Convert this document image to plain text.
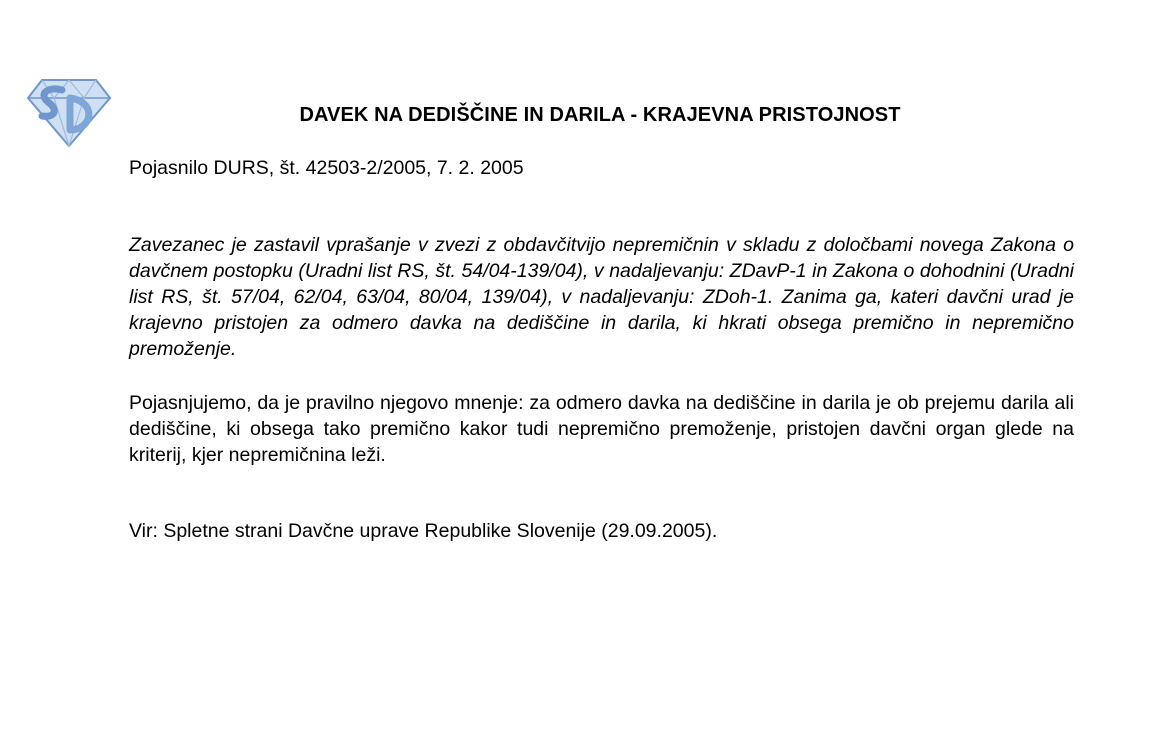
DAVEK NA DEDIŠČINE IN DARILA - KRAJEVNA PRISTOJNOST
Pojasnilo DURS, št. 42503-2/2005, 7. 2. 2005
Zavezanec je zastavil vprašanje v zvezi z obdavčitvijo nepremičnin v skladu z določbami novega Zakona o davčnem postopku (Uradni list RS, št. 54/04-139/04), v nadaljevanju: ZDavP-1 in Zakona o dohodnini (Uradni list RS, št. 57/04, 62/04, 63/04, 80/04, 139/04), v nadaljevanju: ZDoh-1. Zanima ga, kateri davčni urad je krajevno pristojen za odmero davka na dediščine in darila, ki hkrati obsega premično in nepremično premoženje.
Pojasnjujemo, da je pravilno njegovo mnenje: za odmero davka na dediščine in darila je ob prejemu darila ali dediščine, ki obsega tako premično kakor tudi nepremično premoženje, pristojen davčni organ glede na kriterij, kjer nepremičnina leži.
Vir: Spletne strani Davčne uprave Republike Slovenije (29.09.2005).
